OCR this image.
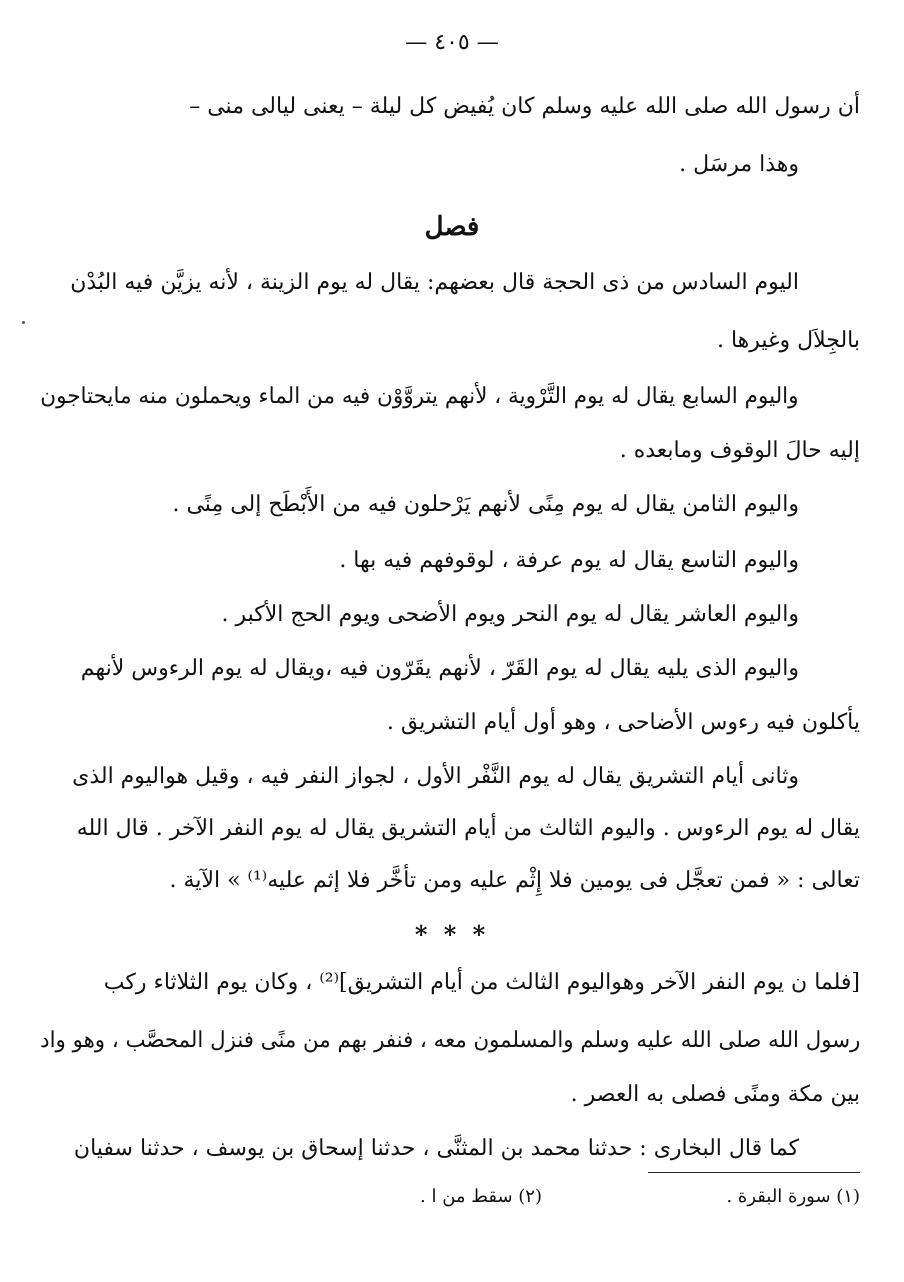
— ٤٠٥ —
أن رسول الله صلى الله عليه وسلم كان يُفيض كل ليلة – يعنى ليالى منى –
وهذا مرسَل .
فصل
اليوم السادس من ذى الحجة قال بعضهم: يقال له يوم الزينة ، لأنه يزيَّن فيه البُدْن
بالجِلاَل وغيرها .
واليوم السابع يقال له يوم التَّرْوية ، لأنهم يتروَّوْن فيه من الماء ويحملون منه مايحتاجون
إليه حالَ الوقوف ومابعده .
واليوم الثامن يقال له يوم مِنًى لأنهم يَرْحلون فيه من الأَبْطَح إلى مِنًى .
واليوم التاسع يقال له يوم عرفة ، لوقوفهم فيه بها .
واليوم العاشر يقال له يوم النحر ويوم الأضحى ويوم الحج الأكبر .
واليوم الذى يليه يقال له يوم القَرّ ، لأنهم يقَرّون فيه ،ويقال له يوم الرءوس لأنهم
يأكلون فيه رءوس الأضاحى ، وهو أول أيام التشريق .
وثانى أيام التشريق يقال له يوم النَّفْر الأول ، لجواز النفر فيه ، وقيل هواليوم الذى
يقال له يوم الرءوس . واليوم الثالث من أيام التشريق يقال له يوم النفر الآخر . قال الله
تعالى : « فمن تعجَّل فى يومين فلا إِثْم عليه ومن تأخَّر فلا إثم عليه⁽¹⁾ » الآية .
* * *
[فلما ن يوم النفر الآخر وهواليوم الثالث من أيام التشريق]⁽²⁾ ، وكان يوم الثلاثاء ركب
رسول الله صلى الله عليه وسلم والمسلمون معه ، فنفر بهم من منًى فنزل المحصَّب ، وهو واد
بين مكة ومنًى فصلى به العصر .
كما قال البخارى : حدثنا محمد بن المثنَّى ، حدثنا إسحاق بن يوسف ، حدثنا سفيان
(١) سورة البقرة .
(٢) سقط من ا .
